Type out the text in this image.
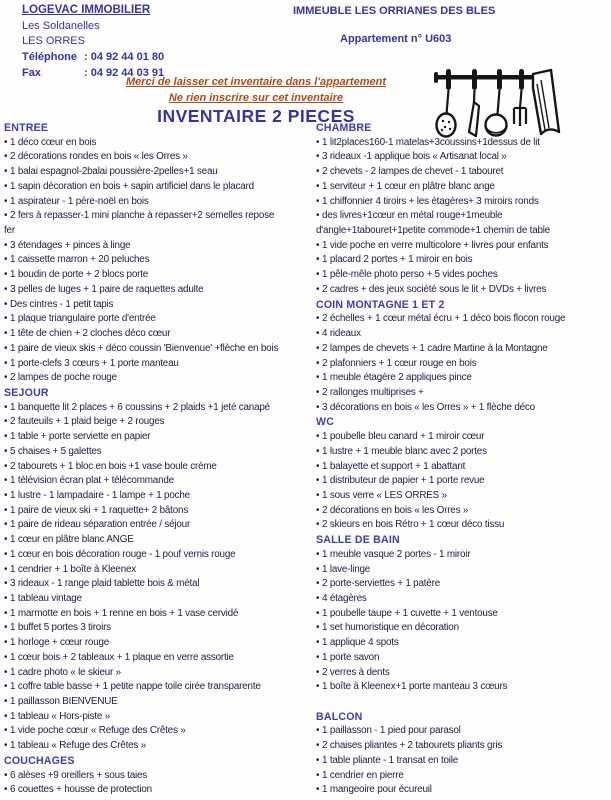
LOGEVAC IMMOBILIER
Les Soldanelles
LES ORRES
Téléphone : 04 92 44 01 80
Fax	: 04 92 44 03 91
IMMEUBLE LES ORRIANES DES BLES
Appartement n° U603
Merci de laisser cet inventaire dans l'appartement
Ne rien inscrire sur cet inventaire
INVENTAIRE 2 PIECES
ENTREE
• 1 déco cœur en bois
• 2 décorations rondes en bois « les Orres »
• 1 balai espagnol-2balai poussière-2pelles+1 seau
• 1 sapin décoration en bois + sapin artificiel dans le placard
• 1 aspirateur - 1 père-noël en bois
• 2 fers à repasser-1 mini planche à repasser+2 semelles repose
fer
• 3 étendages + pinces à linge
• 1 caissette marron + 20 peluches
• 1 boudin de porte + 2 blocs porte
• 3 pelles de luges + 1 paire de raquettes adulte
• Des cintres - 1 petit tapis
• 1 plaque triangulaire porte d'entrée
• 1 tête de chien + 2 cloches déco cœur
• 1 paire de vieux skis + déco coussin 'Bienvenue' +flèche en bois
• 1 porte-clefs 3 cœurs + 1 porte manteau
• 2 lampes de poche rouge
SEJOUR
• 1 banquette lit 2 places + 6 coussins + 2 plaids +1 jeté canapé
• 2 fauteuils + 1 plaid beige + 2 rouges
• 1 table + porte serviette en papier
• 5 chaises + 5 galettes
• 2 tabourets + 1 bloc en bois +1 vase boule crème
• 1 télévision écran plat + télécommande
• 1 lustre - 1 lampadaire - 1 lampe + 1 poche
• 1 paire de vieux ski + 1 raquette+ 2 bâtons
• 1 paire de rideau séparation entrée / séjour
• 1 cœur en plâtre blanc ANGE
• 1 cœur en bois décoration rouge - 1 pouf vernis rouge
• 1 cendrier + 1 boîte à Kleenex
• 3 rideaux - 1 range plaid tablette bois & métal
• 1 tableau vintage
• 1 marmotte en bois + 1 renne en bois + 1 vase cervidé
• 1 buffet 5 portes 3 tiroirs
• 1 horloge + cœur rouge
• 1 cœur bois + 2 tableaux + 1 plaque en verre assortie
• 1 cadre photo « le skieur »
• 1 coffre table basse + 1 petite nappe toile cirée transparente
• 1 paillasson BIENVENUE
• 1 tableau « Hors-piste »
• 1 vide poche cœur « Refuge des Crêtes »
• 1 tableau « Refuge des Crêtes »
COUCHAGES
• 6 alèses +9 oreillers + sous taies
• 6 couettes + housse de protection
CHAMBRE
• 1 lit2places160-1 matelas+3coussins+1dessus de lit
• 3 rideaux -1 applique bois « Artisanat local »
• 2 chevets - 2 lampes de chevet - 1 tabouret
• 1 serviteur + 1 cœur en plâtre blanc ange
• 1 chiffonnier 4 tiroirs + les étagères+ 3 miroirs ronds
• des livres+1cœur en métal rouge+1meuble
d'angle+1tabouret+1petite commode+1 chemin de table
• 1 vide poche en verre multicolore + livres pour enfants
• 1 placard 2 portes + 1 miroir en bois
• 1 pêle-mêle photo perso + 5 vides poches
• 2 cadres + des jeux société sous le lit + DVDs + livres
COIN MONTAGNE 1 ET 2
• 2 échelles + 1 cœur métal écru + 1 déco bois flocon rouge
• 4 rideaux
• 2 lampes de chevets + 1 cadre Martine à la Montagne
• 2 plafonniers + 1 cœur rouge en bois
• 1 meuble étagère 2 appliques pince
• 2 rallonges multiprises +
• 3 décorations en bois « les Orres » + 1 flèche déco
WC
• 1 poubelle bleu canard + 1 miroir cœur
• 1 lustre + 1 meuble blanc avec 2 portes
• 1 balayette et support + 1 abattant
• 1 distributeur de papier + 1 porte revue
• 1 sous verre « LES ORRES »
• 2 décorations en bois « les Orres »
• 2 skieurs en bois Rétro + 1 cœur déco tissu
SALLE DE BAIN
• 1 meuble vasque 2 portes - 1 miroir
• 1 lave-linge
• 2 porte-serviettes + 1 patère
• 4 étagères
• 1 poubelle taupe + 1 cuvette + 1 ventouse
• 1 set humoristique en décoration
• 1 applique 4 spots
• 1 porte savon
• 2 verres à dents
• 1 boîte à Kleenex+1 porte manteau 3 cœurs
BALCON
• 1 paillasson - 1 pied pour parasol
• 2 chaises pliantes + 2 tabourets pliants gris
• 1 table pliante - 1 transat en toile
• 1 cendrier en pierre
• 1 mangeoire pour écureuil
